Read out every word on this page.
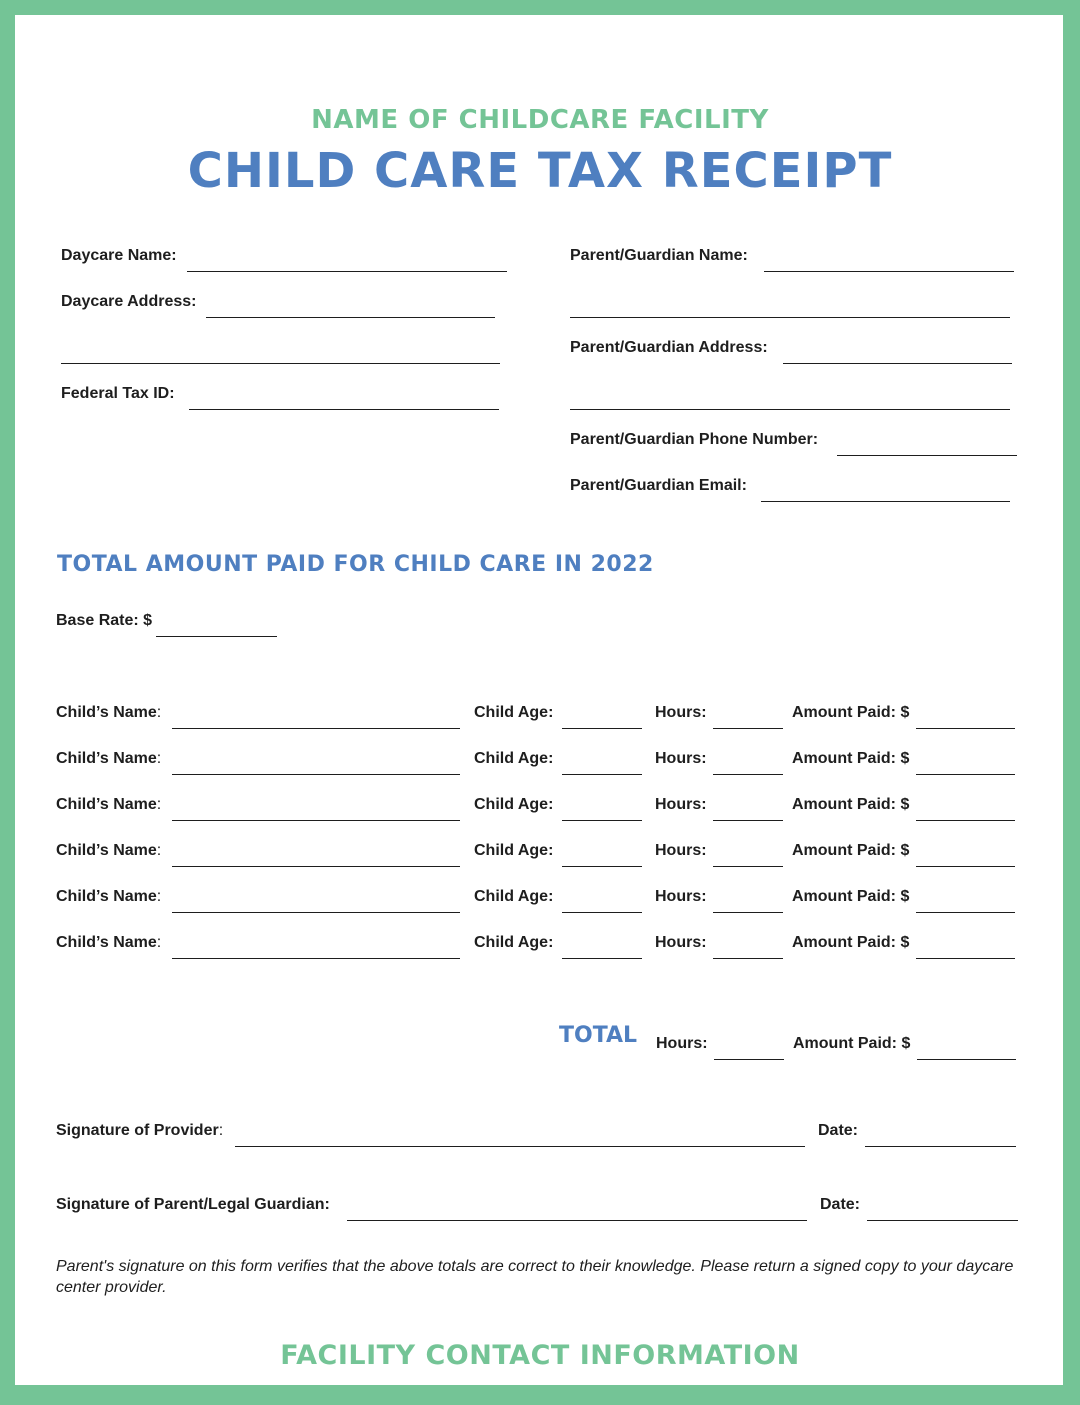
NAME OF CHILDCARE FACILITY
CHILD CARE TAX RECEIPT
Daycare Name:
Daycare Address:
Federal Tax ID:
Parent/Guardian Name:
Parent/Guardian Address:
Parent/Guardian Phone Number:
Parent/Guardian Email:
TOTAL AMOUNT PAID FOR CHILD CARE IN 2022
Base Rate: $
Child’s Name:	Child Age:	Hours:	Amount Paid: $
Child’s Name:	Child Age:	Hours:	Amount Paid: $
Child’s Name:	Child Age:	Hours:	Amount Paid: $
Child’s Name:	Child Age:	Hours:	Amount Paid: $
Child’s Name:	Child Age:	Hours:	Amount Paid: $
Child’s Name:	Child Age:	Hours:	Amount Paid: $
TOTAL Hours:	Amount Paid: $
Signature of Provider:	Date:
Signature of Parent/Legal Guardian:	Date:
Parent's signature on this form verifies that the above totals are correct to their knowledge. Please return a signed copy to your daycare center provider.
FACILITY CONTACT INFORMATION
